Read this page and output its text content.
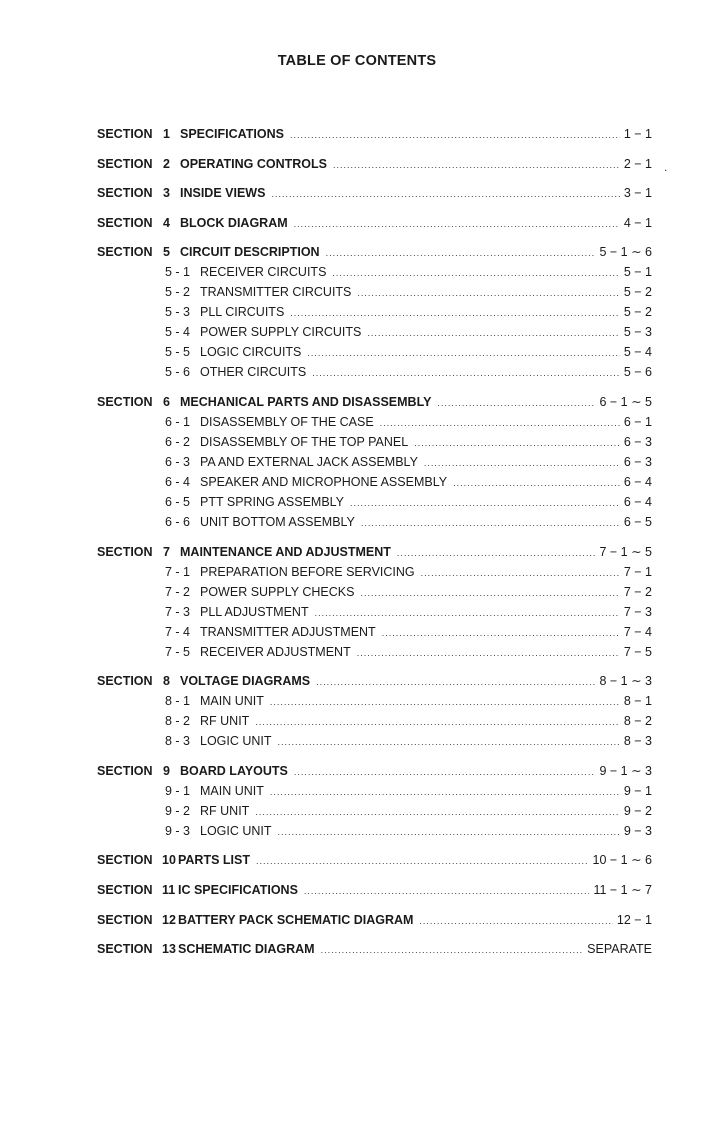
TABLE OF CONTENTS
.
SECTION 1 SPECIFICATIONS .....	1 − 1
SECTION 2 OPERATING CONTROLS .....	2 − 1
SECTION 3 INSIDE VIEWS .....	3 − 1
SECTION 4 BLOCK DIAGRAM .....	4 − 1
SECTION 5 CIRCUIT DESCRIPTION .....	5 − 1 ∼ 6
5 - 1 RECEIVER CIRCUITS .....	5 − 1
5 - 2 TRANSMITTER CIRCUITS .....	5 − 2
5 - 3 PLL CIRCUITS .....	5 − 2
5 - 4 POWER SUPPLY CIRCUITS .....	5 − 3
5 - 5 LOGIC CIRCUITS .....	5 − 4
5 - 6 OTHER CIRCUITS .....	5 − 6
SECTION 6 MECHANICAL PARTS AND DISASSEMBLY .....	6 − 1 ∼ 5
6 - 1 DISASSEMBLY OF THE CASE .....	6 − 1
6 - 2 DISASSEMBLY OF THE TOP PANEL .....	6 − 3
6 - 3 PA AND EXTERNAL JACK ASSEMBLY .....	6 − 3
6 - 4 SPEAKER AND MICROPHONE ASSEMBLY .....	6 − 4
6 - 5 PTT SPRING ASSEMBLY .....	6 − 4
6 - 6 UNIT BOTTOM ASSEMBLY .....	6 − 5
SECTION 7 MAINTENANCE AND ADJUSTMENT .....	7 − 1 ∼ 5
7 - 1 PREPARATION BEFORE SERVICING .....	7 − 1
7 - 2 POWER SUPPLY CHECKS .....	7 − 2
7 - 3 PLL ADJUSTMENT .....	7 − 3
7 - 4 TRANSMITTER ADJUSTMENT .....	7 − 4
7 - 5 RECEIVER ADJUSTMENT .....	7 − 5
SECTION 8 VOLTAGE DIAGRAMS .....	8 − 1 ∼ 3
8 - 1 MAIN UNIT .....	8 − 1
8 - 2 RF UNIT .....	8 − 2
8 - 3 LOGIC UNIT .....	8 − 3
SECTION 9 BOARD LAYOUTS .....	9 − 1 ∼ 3
9 - 1 MAIN UNIT .....	9 − 1
9 - 2 RF UNIT .....	9 − 2
9 - 3 LOGIC UNIT .....	9 − 3
SECTION 10 PARTS LIST .....	10 − 1 ∼ 6
SECTION 11 IC SPECIFICATIONS .....	11 − 1 ∼ 7
SECTION 12 BATTERY PACK SCHEMATIC DIAGRAM .....	12 − 1
SECTION 13 SCHEMATIC DIAGRAM .....	SEPARATE
